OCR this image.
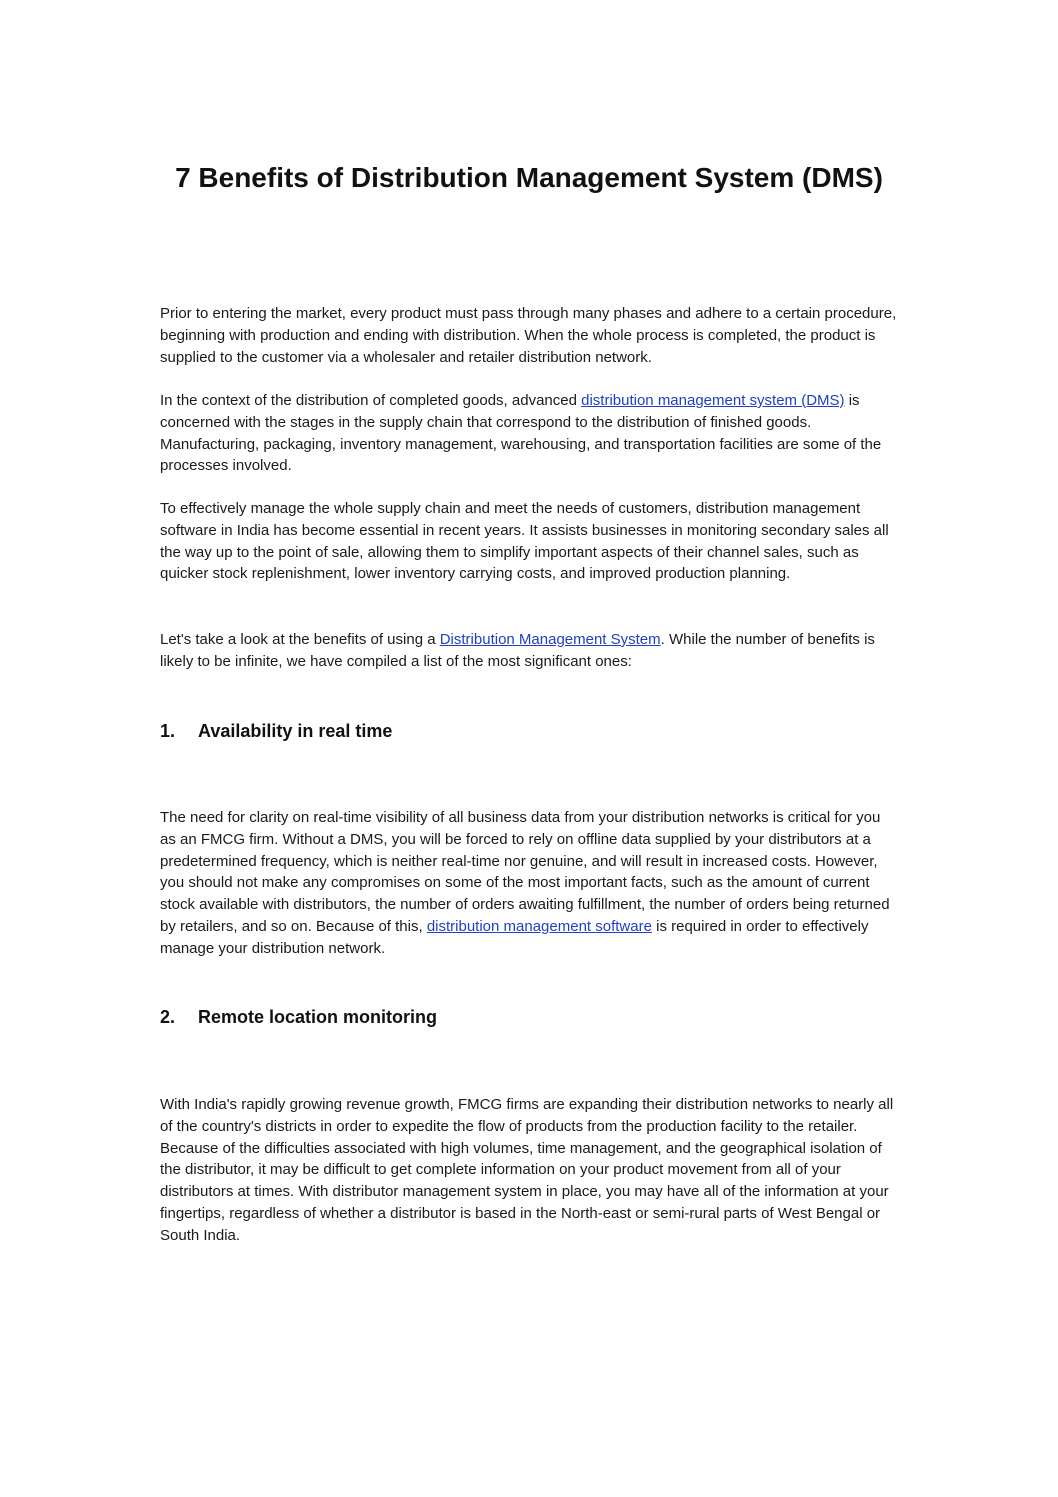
7 Benefits of Distribution Management System (DMS)

Prior to entering the market, every product must pass through many phases and adhere to a certain procedure, beginning with production and ending with distribution. When the whole process is completed, the product is supplied to the customer via a wholesaler and retailer distribution network.

In the context of the distribution of completed goods, advanced distribution management system (DMS) is concerned with the stages in the supply chain that correspond to the distribution of finished goods. Manufacturing, packaging, inventory management, warehousing, and transportation facilities are some of the processes involved.

To effectively manage the whole supply chain and meet the needs of customers, distribution management software in India has become essential in recent years. It assists businesses in monitoring secondary sales all the way up to the point of sale, allowing them to simplify important aspects of their channel sales, such as quicker stock replenishment, lower inventory carrying costs, and improved production planning.

Let's take a look at the benefits of using a Distribution Management System. While the number of benefits is likely to be infinite, we have compiled a list of the most significant ones:

1. Availability in real time

The need for clarity on real-time visibility of all business data from your distribution networks is critical for you as an FMCG firm. Without a DMS, you will be forced to rely on offline data supplied by your distributors at a predetermined frequency, which is neither real-time nor genuine, and will result in increased costs. However, you should not make any compromises on some of the most important facts, such as the amount of current stock available with distributors, the number of orders awaiting fulfillment, the number of orders being returned by retailers, and so on. Because of this, distribution management software is required in order to effectively manage your distribution network.

2. Remote location monitoring

With India's rapidly growing revenue growth, FMCG firms are expanding their distribution networks to nearly all of the country's districts in order to expedite the flow of products from the production facility to the retailer. Because of the difficulties associated with high volumes, time management, and the geographical isolation of the distributor, it may be difficult to get complete information on your product movement from all of your distributors at times. With distributor management system in place, you may have all of the information at your fingertips, regardless of whether a distributor is based in the North-east or semi-rural parts of West Bengal or South India.
